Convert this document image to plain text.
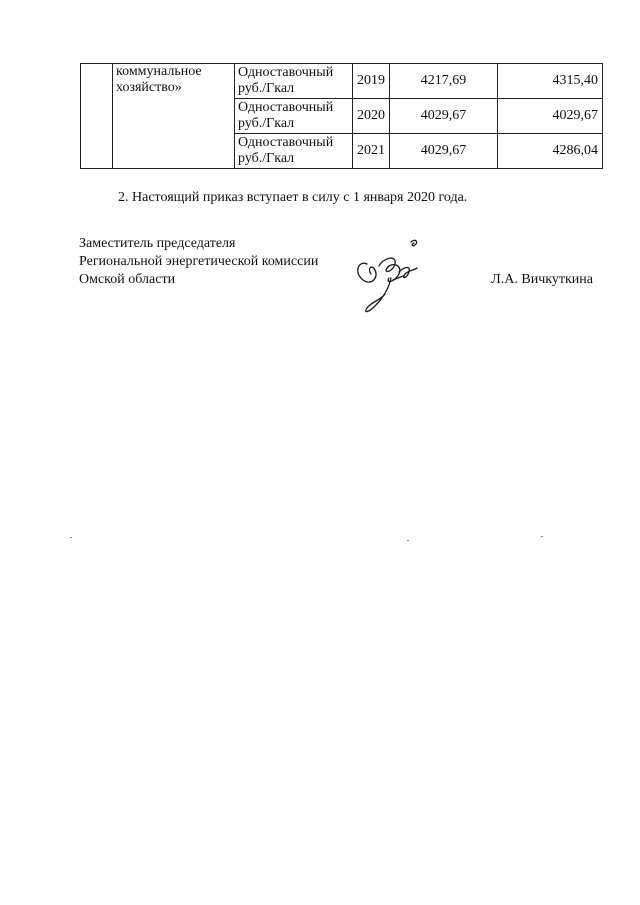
	коммунальное хозяйство»	Одноставочный
руб./Гкал	2019	4217,69	4315,40

		Одноставочный
руб./Гкал	2020	4029,67	4029,67

		Одноставочный
руб./Гкал	2021	4029,67	4286,04
2. Настоящий приказ вступает в силу с 1 января 2020 года.
Заместитель председателя
Региональной энергетической комиссии
Омской области	Л.А. Вичкуткина
